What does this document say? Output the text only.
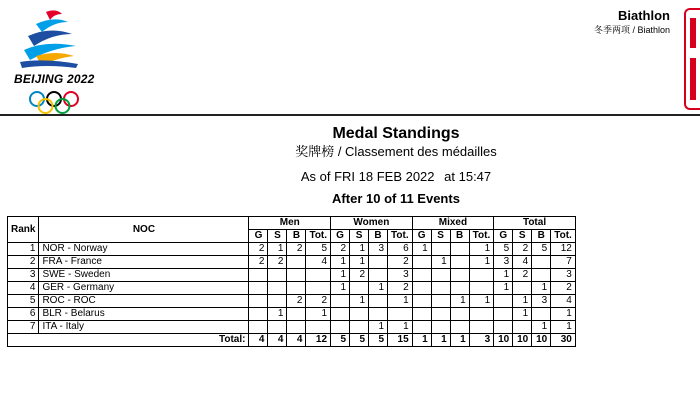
BEIJING 2022
Biathlon
冬季两项 / Biathlon
Medal Standings
奖牌榜 / Classement des médailles
As of FRI 18 FEB 2022 at 15:47
After 10 of 11 Events
Rank	NOC	Men				Women				Mixed				Total			
		G	S	B	Tot.	G	S	B	Tot.	G	S	B	Tot.	G	S	B	Tot.
1	NOR - Norway	2	1	2	5	2	1	3	6	1			1	5	2	5	12
2	FRA - France	2	2		4	1	1		2		1		1	3	4		7
3	SWE - Sweden					1	2		3					1	2		3
4	GER - Germany					1		1	2					1		1	2
5	ROC - ROC			2	2		1		1			1	1		1	3	4
6	BLR - Belarus		1		1										1		1
7	ITA - Italy							1	1							1	1
Total:		4	4	4	12	5	5	5	15	1	1	1	3	10	10	10	30
